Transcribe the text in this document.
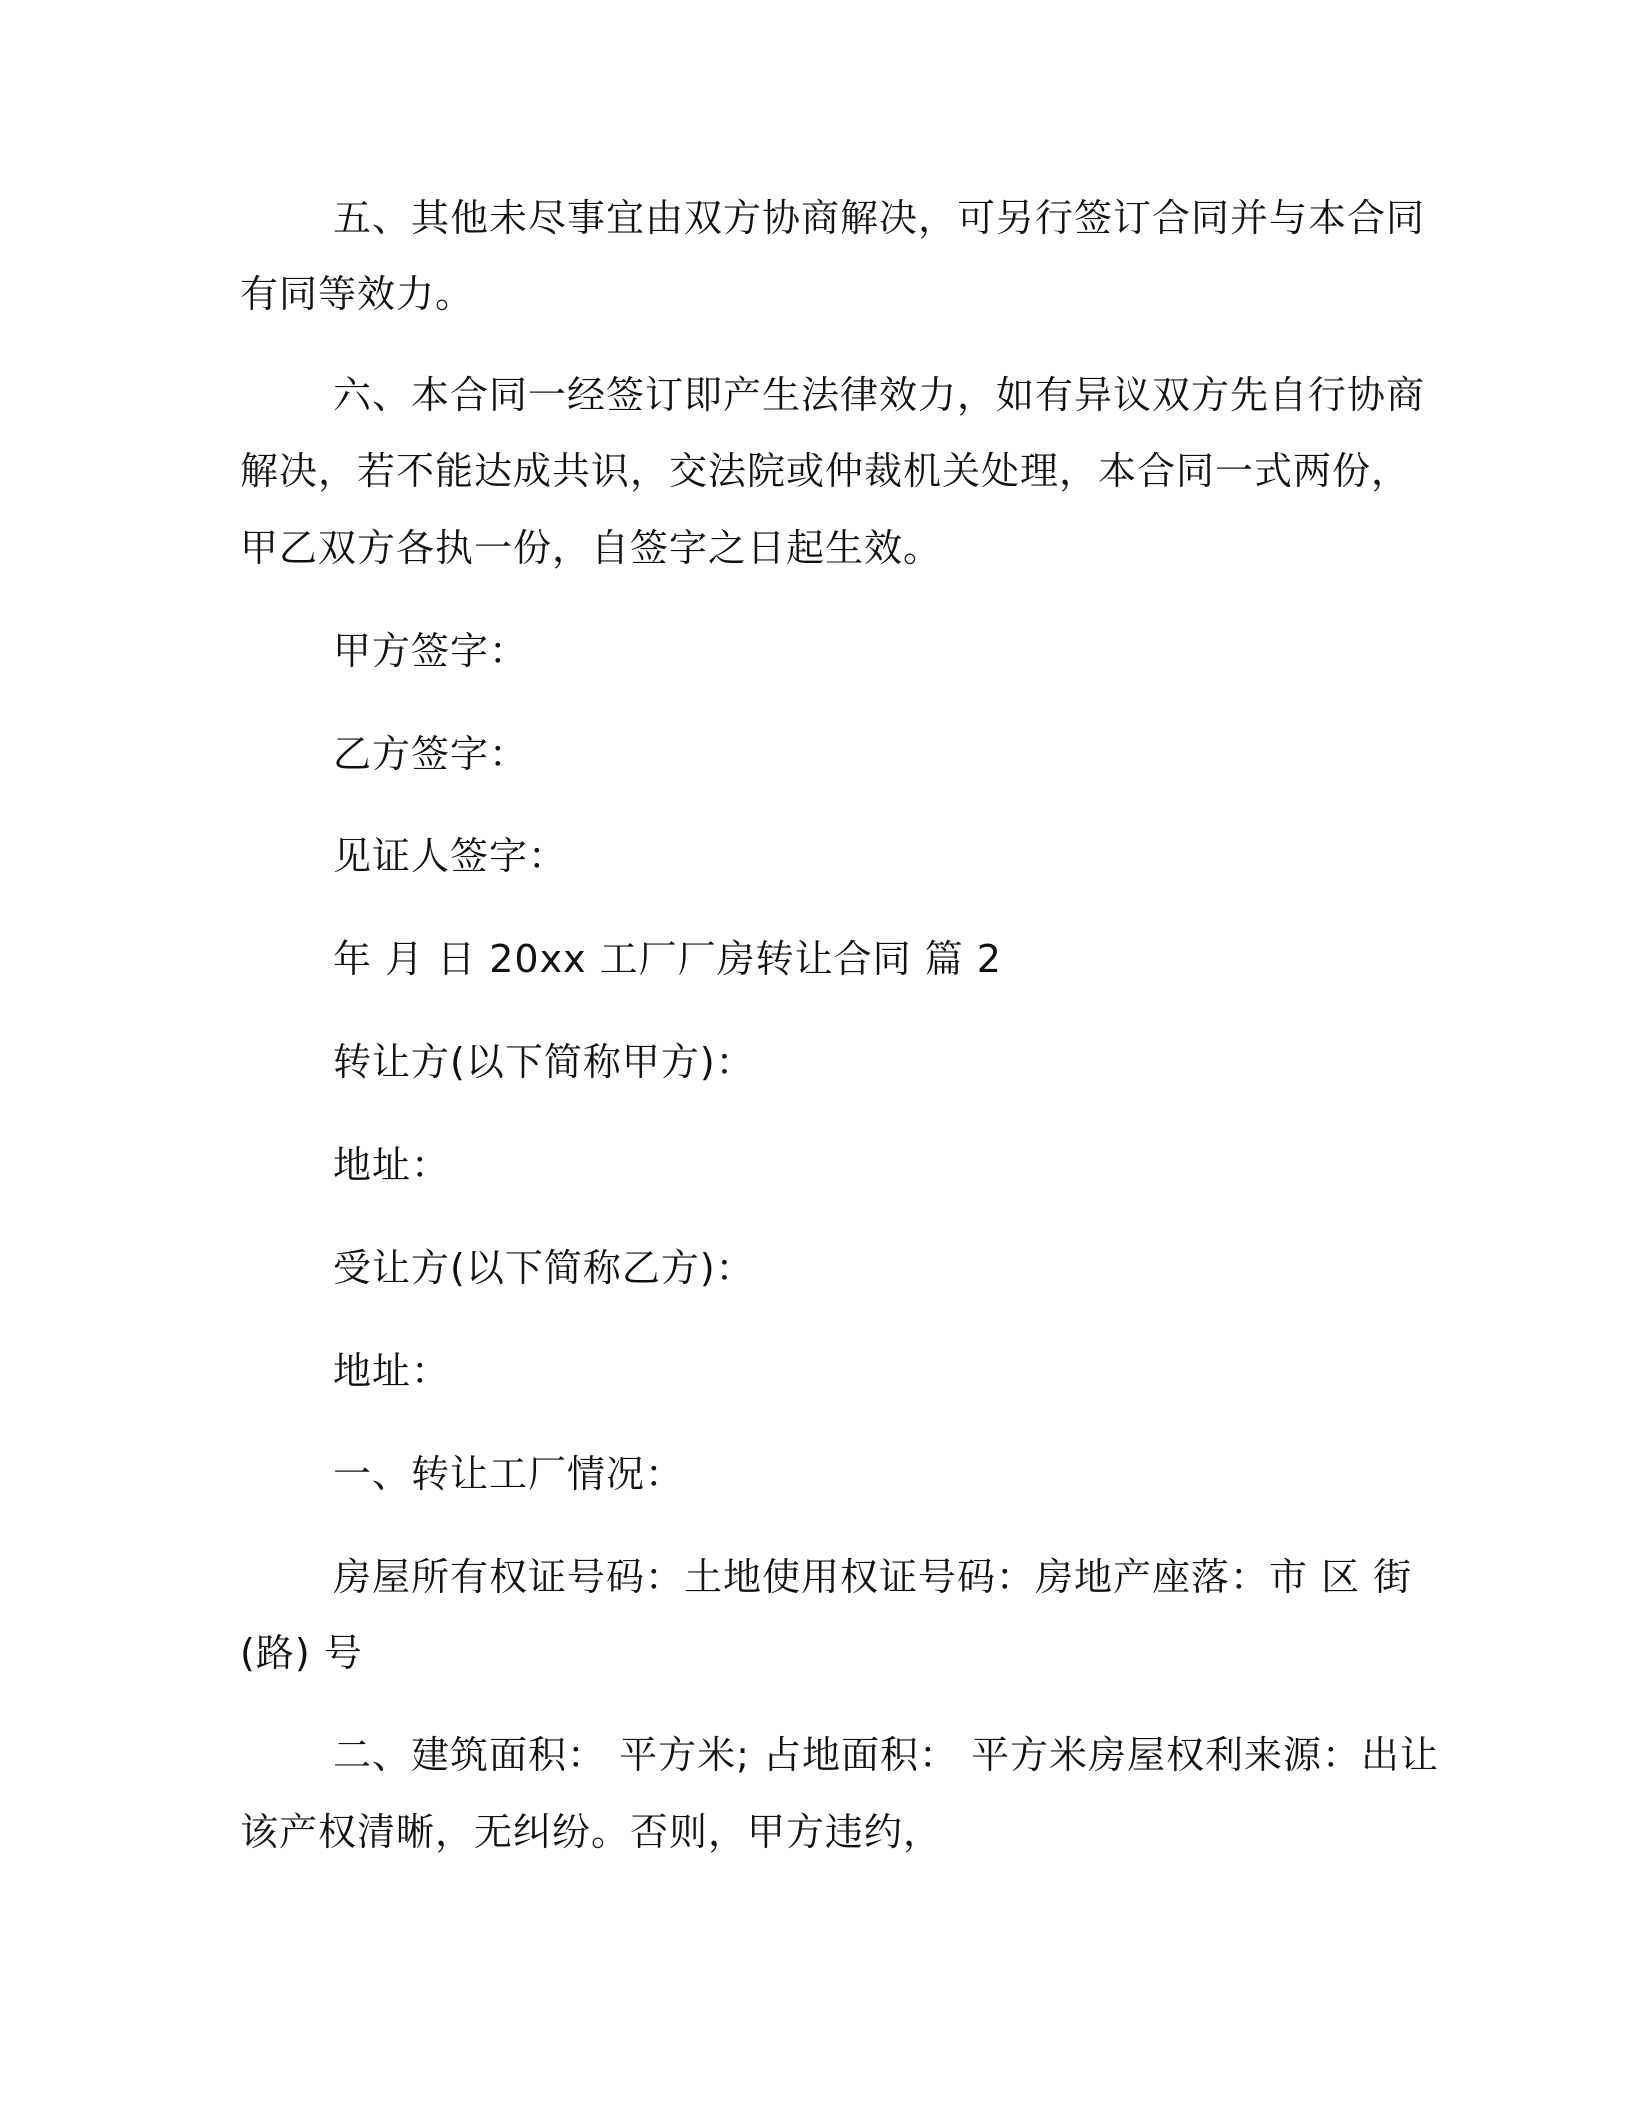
五、其他未尽事宜由双方协商解决，可另行签订合同并与本合同
有同等效力。
六、本合同一经签订即产生法律效力，如有异议双方先自行协商
解决，若不能达成共识，交法院或仲裁机关处理，本合同一式两份，
甲乙双方各执一份，自签字之日起生效。
甲方签字：
乙方签字：
见证人签字：
年 月 日 20xx 工厂厂房转让合同 篇 2
转让方(以下简称甲方)：
地址：
受让方(以下简称乙方)：
地址：
一、转让工厂情况：
房屋所有权证号码：土地使用权证号码：房地产座落：市 区 街
(路) 号
二、建筑面积： 平方米; 占地面积： 平方米房屋权利来源：出让
该产权清晰，无纠纷。否则，甲方违约，
